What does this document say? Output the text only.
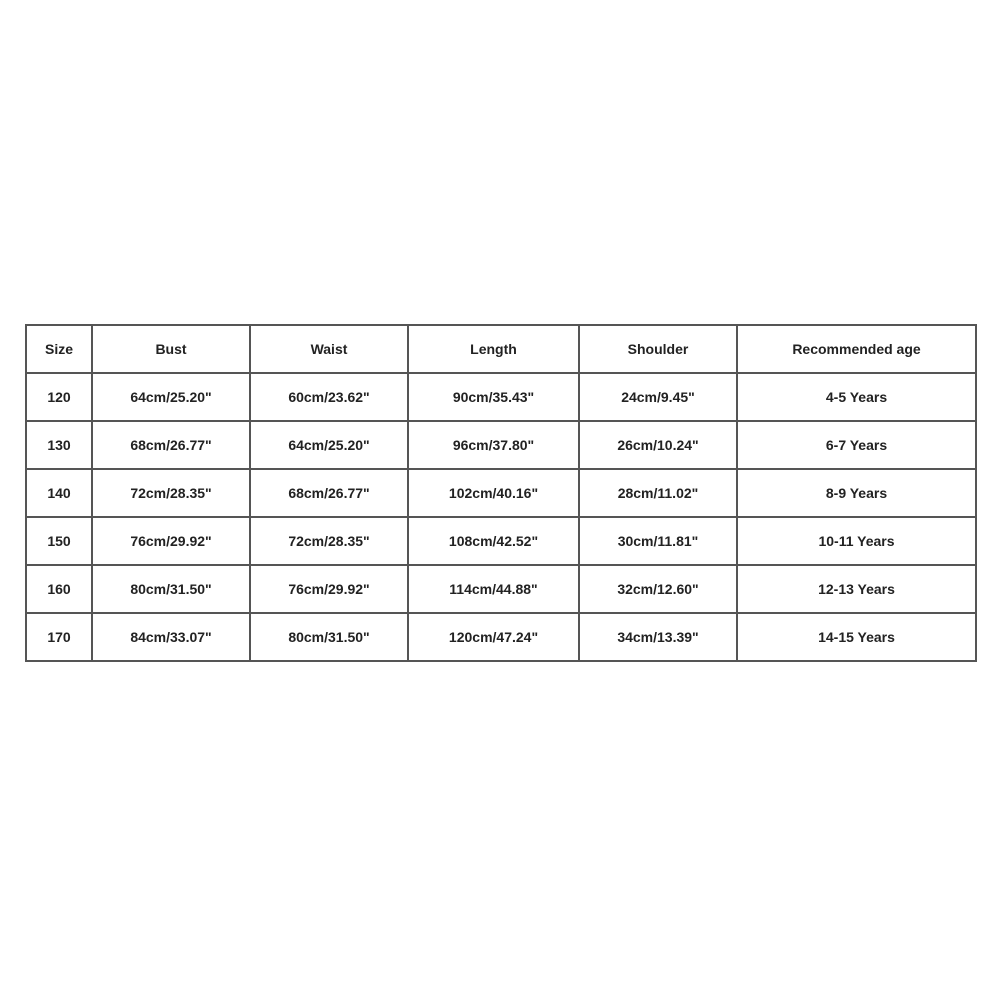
Size	Bust	Waist	Length	Shoulder	Recommended age
120	64cm/25.20"	60cm/23.62"	90cm/35.43"	24cm/9.45"	4-5 Years
130	68cm/26.77"	64cm/25.20"	96cm/37.80"	26cm/10.24"	6-7 Years
140	72cm/28.35"	68cm/26.77"	102cm/40.16"	28cm/11.02"	8-9 Years
150	76cm/29.92"	72cm/28.35"	108cm/42.52"	30cm/11.81"	10-11 Years
160	80cm/31.50"	76cm/29.92"	114cm/44.88"	32cm/12.60"	12-13 Years
170	84cm/33.07"	80cm/31.50"	120cm/47.24"	34cm/13.39"	14-15 Years
